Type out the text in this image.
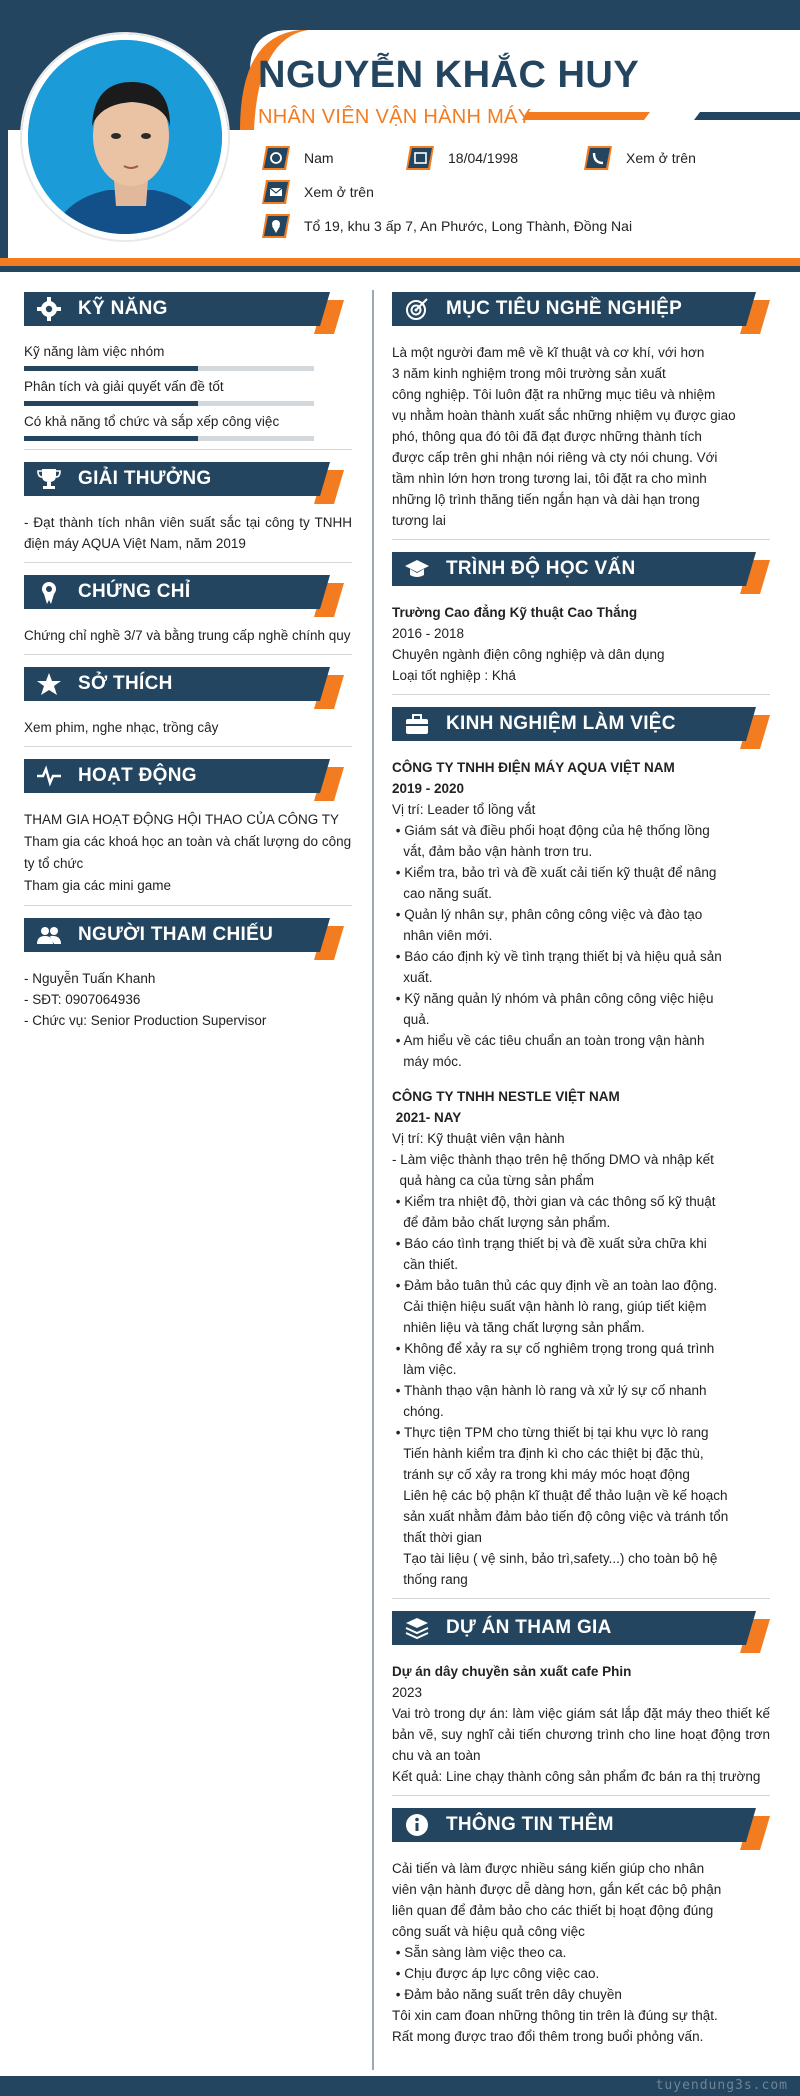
NGUYỄN KHẮC HUY
NHÂN VIÊN VẬN HÀNH MÁY
Nam	18/04/1998	Xem ở trên
Xem ở trên
Tổ 19, khu 3 ấp 7, An Phước, Long Thành, Đồng Nai
KỸ NĂNG
Kỹ năng làm việc nhóm
Phân tích và giải quyết vấn đề tốt
Có khả năng tổ chức và sắp xếp công việc
GIẢI THƯỞNG
- Đạt thành tích nhân viên suất sắc tại công ty TNHH điện máy AQUA Việt Nam, năm 2019
CHỨNG CHỈ
Chứng chỉ nghề 3/7 và bằng trung cấp nghề chính quy
SỞ THÍCH
Xem phim, nghe nhạc, trồng cây
HOẠT ĐỘNG
THAM GIA HOẠT ĐỘNG HỘI THAO CỦA CÔNG TY
Tham gia các khoá học an toàn và chất lượng do công ty tổ chức
Tham gia các mini game
NGƯỜI THAM CHIẾU
- Nguyễn Tuấn Khanh
- SĐT: 0907064936
- Chức vụ: Senior Production Supervisor
MỤC TIÊU NGHỀ NGHIỆP
Là một người đam mê về kĩ thuật và cơ khí, với hơn
3 năm kinh nghiệm trong môi trường sản xuất
công nghiệp. Tôi luôn đặt ra những mục tiêu và nhiệm
vụ nhằm hoàn thành xuất sắc những nhiệm vụ được giao
phó, thông qua đó tôi đã đạt được những thành tích
được cấp trên ghi nhận nói riêng và cty nói chung. Với
tầm nhìn lớn hơn trong tương lai, tôi đặt ra cho mình
những lộ trình thăng tiến ngắn hạn và dài hạn trong
tương lai
TRÌNH ĐỘ HỌC VẤN
Trường Cao đẳng Kỹ thuật Cao Thắng
2016 - 2018
Chuyên ngành điện công nghiệp và dân dụng
Loại tốt nghiệp : Khá
KINH NGHIỆM LÀM VIỆC
CÔNG TY TNHH ĐIỆN MÁY AQUA VIỆT NAM
2019 - 2020
Vị trí: Leader tổ lồng vắt
• Giám sát và điều phối hoạt động của hệ thống lồng
vắt, đảm bảo vận hành trơn tru.
• Kiểm tra, bảo trì và đề xuất cải tiến kỹ thuật để nâng
cao năng suất.
• Quản lý nhân sự, phân công công việc và đào tạo
nhân viên mới.
• Báo cáo định kỳ về tình trạng thiết bị và hiệu quả sản
xuất.
• Kỹ năng quản lý nhóm và phân công công việc hiệu
quả.
• Am hiểu về các tiêu chuẩn an toàn trong vận hành
máy móc.
CÔNG TY TNHH NESTLE VIỆT NAM
2021- NAY
Vị trí: Kỹ thuật viên vận hành
- Làm việc thành thạo trên hệ thống DMO và nhập kết
quả hàng ca của từng sản phẩm
• Kiểm tra nhiệt độ, thời gian và các thông số kỹ thuật
để đảm bảo chất lượng sản phẩm.
• Báo cáo tình trạng thiết bị và đề xuất sửa chữa khi
cần thiết.
• Đảm bảo tuân thủ các quy định về an toàn lao động.
Cải thiện hiệu suất vận hành lò rang, giúp tiết kiệm
nhiên liệu và tăng chất lượng sản phẩm.
• Không để xảy ra sự cố nghiêm trọng trong quá trình
làm việc.
• Thành thạo vận hành lò rang và xử lý sự cố nhanh
chóng.
• Thực tiện TPM cho từng thiết bị tại khu vực lò rang
Tiến hành kiểm tra định kì cho các thiệt bị đặc thù,
tránh sự cố xảy ra trong khi máy móc hoạt động
Liên hệ các bộ phận kĩ thuật để thảo luận về kế hoạch
sản xuất nhằm đảm bảo tiến độ công việc và tránh tổn
thất thời gian
Tạo tài liệu ( vệ sinh, bảo trì,safety...) cho toàn bộ hệ
thống rang
DỰ ÁN THAM GIA
Dự án dây chuyền sản xuất cafe Phin
2023
Vai trò trong dự án: làm việc giám sát lắp đặt máy theo thiết kế bản vẽ, suy nghĩ cải tiến chương trình cho line hoạt động trơn chu và an toàn
Kết quả: Line chạy thành công sản phẩm đc bán ra thị trường
THÔNG TIN THÊM
Cải tiến và làm được nhiều sáng kiến giúp cho nhân
viên vận hành được dễ dàng hơn, gắn kết các bộ phận
liên quan để đảm bảo cho các thiết bị hoạt động đúng
công suất và hiệu quả công việc
• Sẵn sàng làm việc theo ca.
• Chịu được áp lực công việc cao.
• Đảm bảo năng suất trên dây chuyền
Tôi xin cam đoan những thông tin trên là đúng sự thật.
Rất mong được trao đổi thêm trong buổi phỏng vấn.
tuyendung3s.com
